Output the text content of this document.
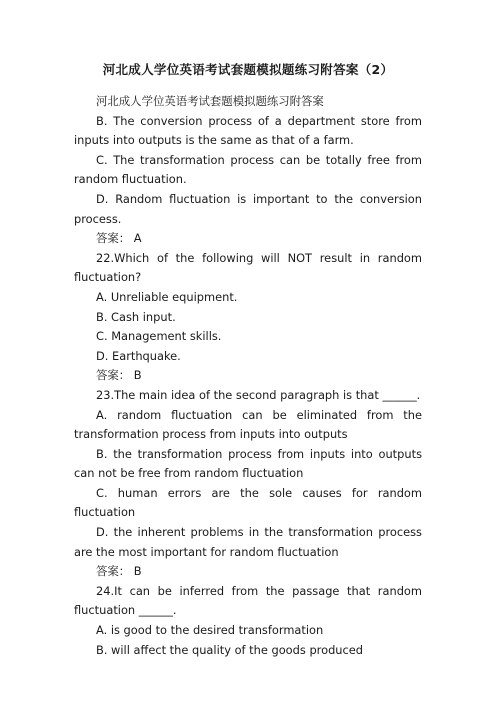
河北成人学位英语考试套题模拟题练习附答案（2）

河北成人学位英语考试套题模拟题练习附答案

B. The conversion process of a department store from inputs into outputs is the same as that of a farm.

C. The transformation process can be totally free from random fluctuation.

D. Random fluctuation is important to the conversion process.

答案： A

22.Which of the following will NOT result in random fluctuation?

A. Unreliable equipment.

B. Cash input.

C. Management skills.

D. Earthquake.

答案： B

23.The main idea of the second paragraph is that ______.

A. random fluctuation can be eliminated from the transformation process from inputs into outputs

B. the transformation process from inputs into outputs can not be free from random fluctuation

C. human errors are the sole causes for random fluctuation

D. the inherent problems in the transformation process are the most important for random fluctuation

答案： B

24.It can be inferred from the passage that random fluctuation ______.

A. is good to the desired transformation

B. will affect the quality of the goods produced
